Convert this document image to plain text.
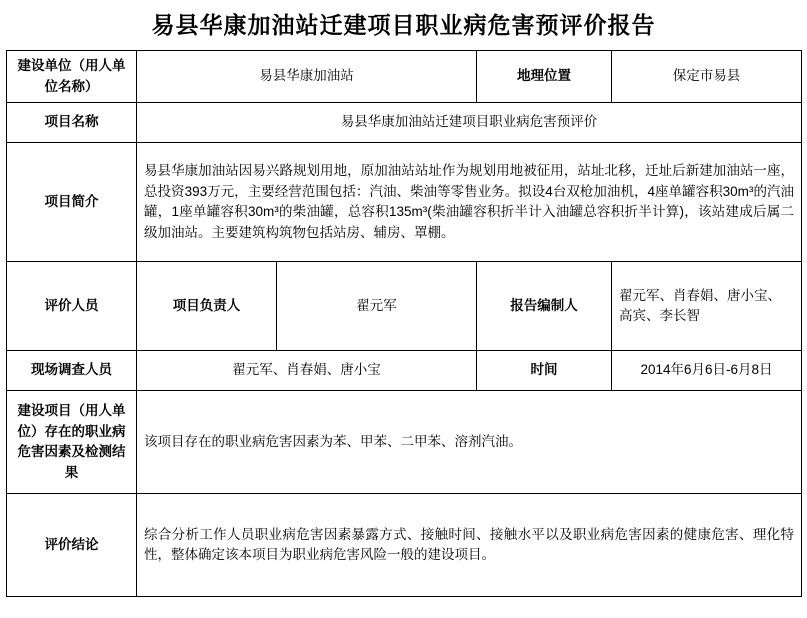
易县华康加油站迁建项目职业病危害预评价报告
建设单位（用人单位名称）	易县华康加油站		地理位置	保定市易县
项目名称	易县华康加油站迁建项目职业病危害预评价			
项目简介	易县华康加油站因易兴路规划用地，原加油站站址作为规划用地被征用，站址北移，迁址后新建加油站一座，总投资393万元，主要经营范围包括：汽油、柴油等零售业务。拟设4台双枪加油机，4座单罐容积30m³的汽油罐，1座单罐容积30m³的柴油罐，总容积135m³(柴油罐容积折半计入油罐总容积折半计算)，该站建成后属二级加油站。主要建筑构筑物包括站房、辅房、罩棚。			
评价人员	项目负责人	翟元军	报告编制人	翟元军、肖春娟、唐小宝、高宾、李长智
现场调查人员	翟元军、肖春娟、唐小宝		时间	2014年6月6日-6月8日
建设项目（用人单位）存在的职业病危害因素及检测结果	该项目存在的职业病危害因素为苯、甲苯、二甲苯、溶剂汽油。			
评价结论	综合分析工作人员职业病危害因素暴露方式、接触时间、接触水平以及职业病危害因素的健康危害、理化特性，整体确定该本项目为职业病危害风险一般的建设项目。			
